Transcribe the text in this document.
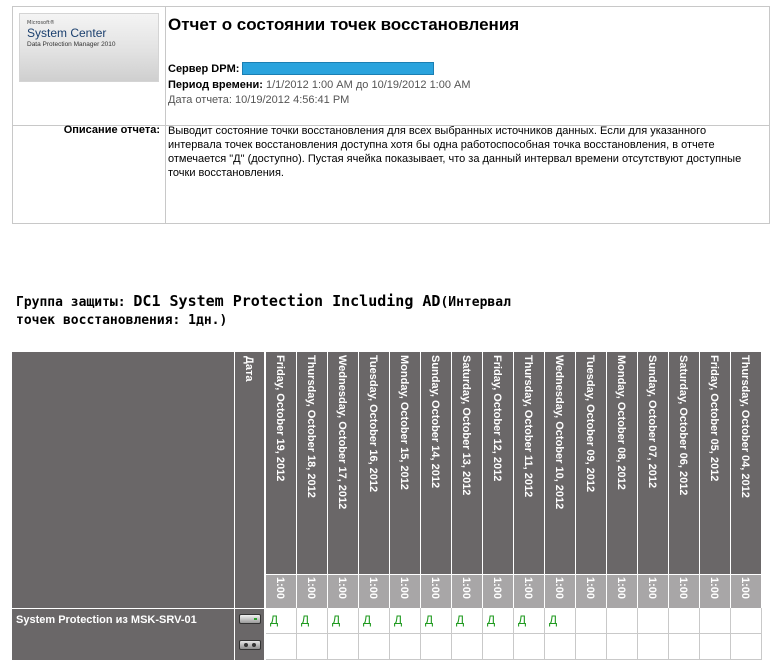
Microsoft®
System Center
Data Protection Manager 2010
Отчет о состоянии точек восстановления
Сервер DPM:
Период времени: 1/1/2012 1:00 AM до 10/19/2012 1:00 AM
Дата отчета: 10/19/2012 4:56:41 PM
Описание отчета: Выводит состояние точки восстановления для всех выбранных источников данных. Если для указанного интервала точек восстановления доступна хотя бы одна работоспособная точка восстановления, в отчете отмечается "Д" (доступно). Пустая ячейка показывает, что за данный интервал времени отсутствуют доступные точки восстановления.
Группа защиты: DC1 System Protection Including AD(Интервал точек восстановления: 1дн.)
Дата
System Protection из MSK-SRV-01
Friday, October 19, 2012
1:00
Д
Thursday, October 18, 2012
1:00
Д
Wednesday, October 17, 2012
1:00
Д
Tuesday, October 16, 2012
1:00
Д
Monday, October 15, 2012
1:00
Д
Sunday, October 14, 2012
1:00
Д
Saturday, October 13, 2012
1:00
Д
Friday, October 12, 2012
1:00
Д
Thursday, October 11, 2012
1:00
Д
Wednesday, October 10, 2012
1:00
Д
Tuesday, October 09, 2012
1:00
Monday, October 08, 2012
1:00
Sunday, October 07, 2012
1:00
Saturday, October 06, 2012
1:00
Friday, October 05, 2012
1:00
Thursday, October 04, 2012
1:00
